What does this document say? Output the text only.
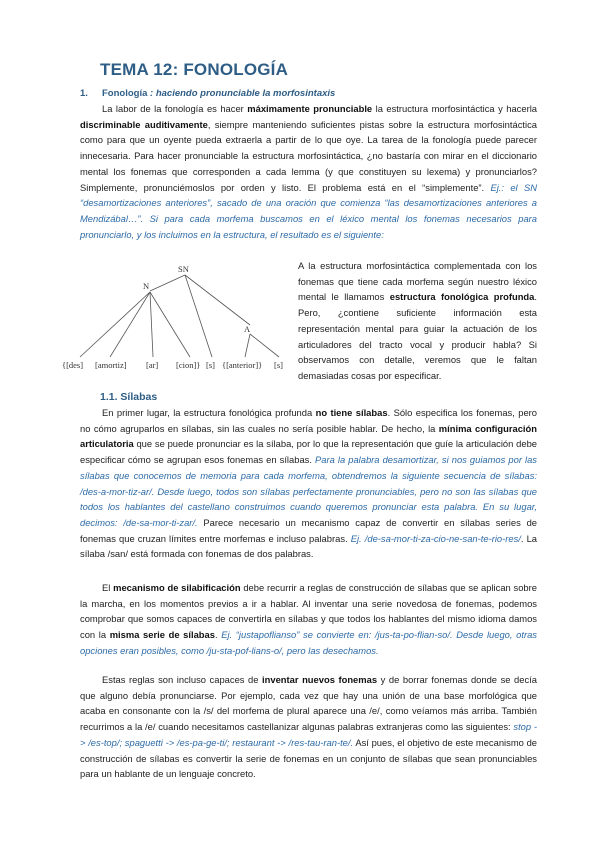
TEMA 12: FONOLOGÍA
1. Fonología : haciendo pronunciable la morfosintaxis
La labor de la fonología es hacer máximamente pronunciable la estructura morfosintáctica y hacerla discriminable auditivamente, siempre manteniendo suficientes pistas sobre la estructura morfosintáctica como para que un oyente pueda extraerla a partir de lo que oye. La tarea de la fonología puede parecer innecesaria. Para hacer pronunciable la estructura morfosintáctica, ¿no bastaría con mirar en el diccionario mental los fonemas que corresponden a cada lemma (y que constituyen su lexema) y pronunciarlos? Simplemente, pronunciémoslos por orden y listo. El problema está en el “simplemente”. Ej.: el SN “desamortizaciones anteriores”, sacado de una oración que comienza “las desamortizaciones anteriores a Mendizábal…”. Si para cada morfema buscamos en el léxico mental los fonemas necesarios para pronunciarlo, y los incluimos en la estructura, el resultado es el siguiente:
SN
N
A
{[des] [amortiz] [ar] [cion]} [s] {[anterior]} [s]
A la estructura morfosintáctica complementada con los fonemas que tiene cada morfema según nuestro léxico mental le llamamos estructura fonológica profunda. Pero, ¿contiene suficiente información esta representación mental para guiar la actuación de los articuladores del tracto vocal y producir habla? Si observamos con detalle, veremos que le faltan demasiadas cosas por especificar.
1.1. Sílabas
En primer lugar, la estructura fonológica profunda no tiene sílabas. Sólo especifica los fonemas, pero no cómo agruparlos en sílabas, sin las cuales no sería posible hablar. De hecho, la mínima configuración articulatoria que se puede pronunciar es la sílaba, por lo que la representación que guíe la articulación debe especificar cómo se agrupan esos fonemas en sílabas. Para la palabra desamortizar, si nos guiamos por las sílabas que conocemos de memoria para cada morfema, obtendremos la siguiente secuencia de sílabas: /des-a-mor-tiz-ar/. Desde luego, todos son sílabas perfectamente pronunciables, pero no son las sílabas que todos los hablantes del castellano construimos cuando queremos pronunciar esta palabra. En su lugar, decimos: /de-sa-mor-ti-zar/. Parece necesario un mecanismo capaz de convertir en sílabas series de fonemas que cruzan límites entre morfemas e incluso palabras. Ej. /de-sa-mor-ti-za-cio-ne-san-te-rio-res/. La sílaba /san/ está formada con fonemas de dos palabras.
El mecanismo de silabificación debe recurrir a reglas de construcción de sílabas que se aplican sobre la marcha, en los momentos previos a ir a hablar. Al inventar una serie novedosa de fonemas, podemos comprobar que somos capaces de convertirla en sílabas y que todos los hablantes del mismo idioma damos con la misma serie de sílabas. Ej. “justapofliansо” se convierte en: /jus-ta-po-flian-so/. Desde luego, otras opciones eran posibles, como /ju-sta-pof-lians-o/, pero las desechamos.
Estas reglas son incluso capaces de inventar nuevos fonemas y de borrar fonemas donde se decía que alguno debía pronunciarse. Por ejemplo, cada vez que hay una unión de una base morfológica que acaba en consonante con la /s/ del morfema de plural aparece una /e/, como veíamos más arriba. También recurrimos a la /e/ cuando necesitamos castellanizar algunas palabras extranjeras como las siguientes: stop -> /es-top/; spaguetti -> /es-pa-ge-ti/; restaurant -> /res-tau-ran-te/. Así pues, el objetivo de este mecanismo de construcción de sílabas es convertir la serie de fonemas en un conjunto de sílabas que sean pronunciables para un hablante de un lenguaje concreto.
